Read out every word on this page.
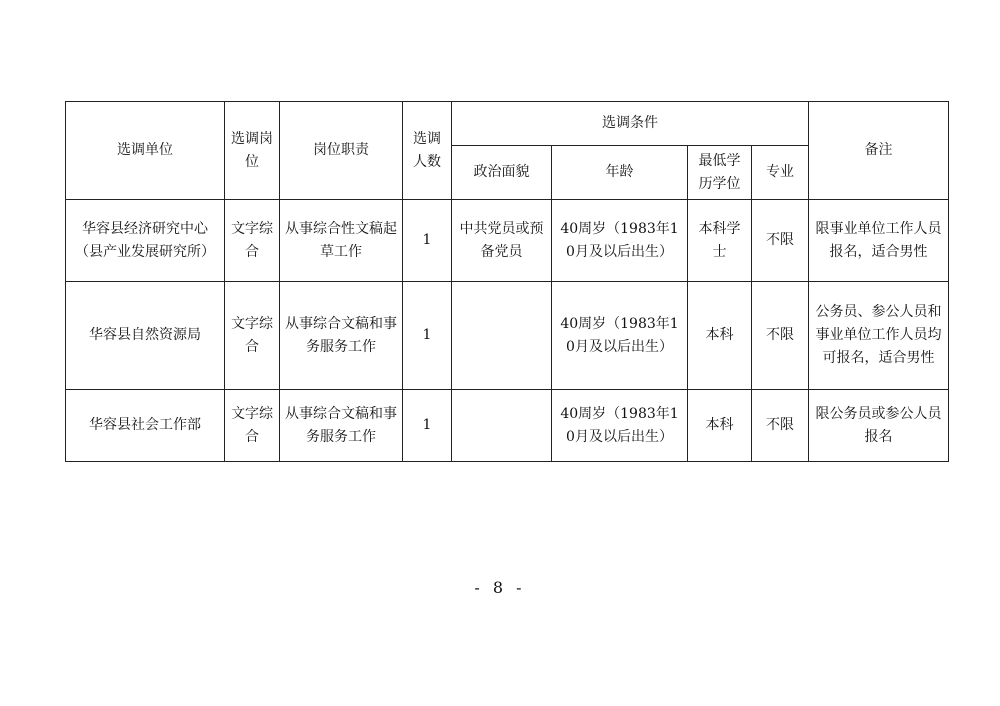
选调单位	选调岗位	岗位职责	选调人数	选调条件				备注
				政治面貌	年龄	最低学历学位	专业	
华容县经济研究中心（县产业发展研究所）	文字综合	从事综合性文稿起草工作	1	中共党员或预备党员	40周岁（1983年10月及以后出生）	本科学士	不限	限事业单位工作人员报名，适合男性
华容县自然资源局	文字综合	从事综合文稿和事务服务工作	1		40周岁（1983年10月及以后出生）	本科	不限	公务员、参公人员和事业单位工作人员均可报名，适合男性
华容县社会工作部	文字综合	从事综合文稿和事务服务工作	1		40周岁（1983年10月及以后出生）	本科	不限	限公务员或参公人员报名
- 8 -
